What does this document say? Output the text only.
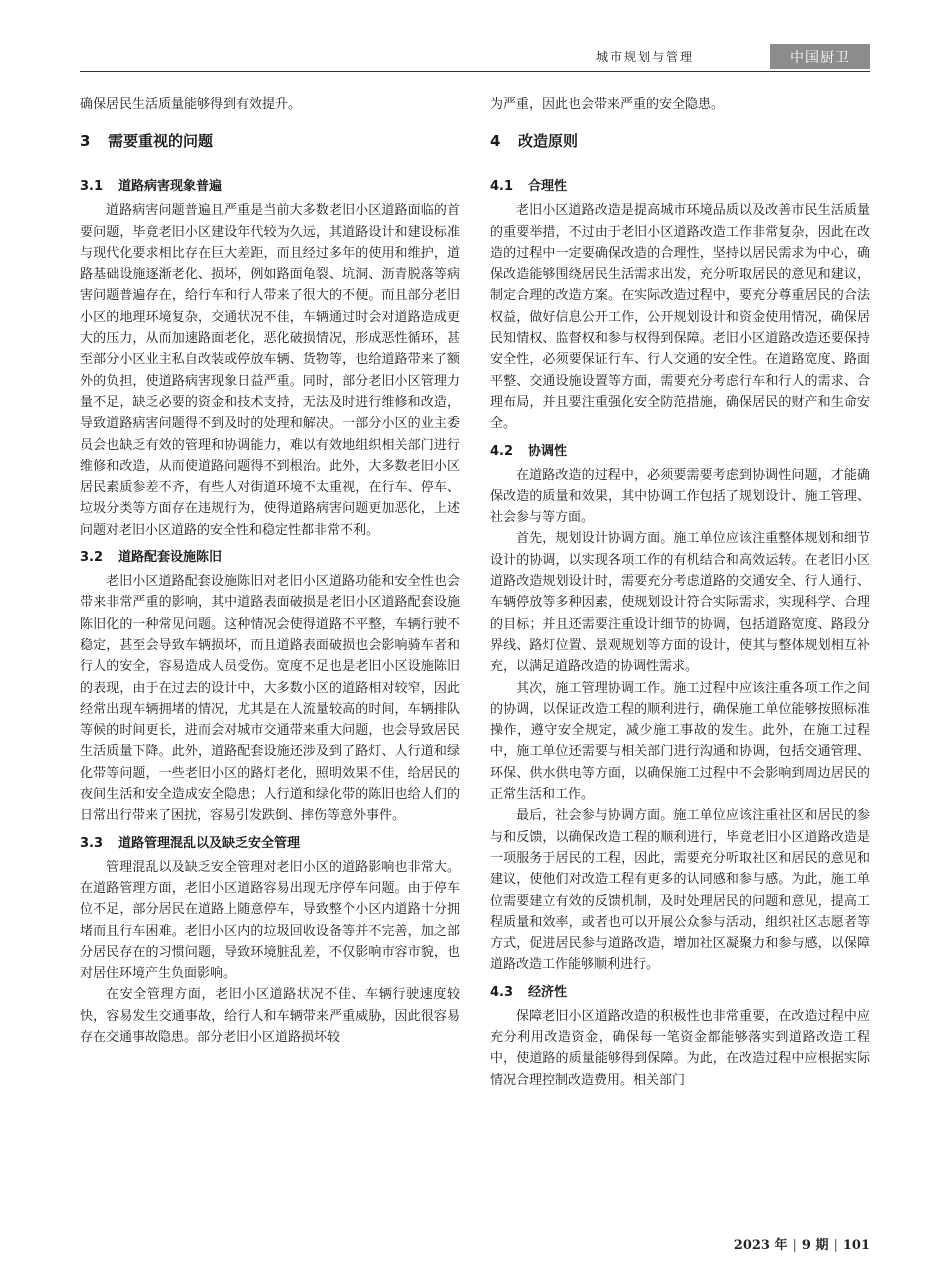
城市规划与管理	中国厨卫

确保居民生活质量能够得到有效提升。

3 需要重视的问题
3.1 道路病害现象普遍

道路病害问题普遍且严重是当前大多数老旧小区道路面临的首要问题，毕竟老旧小区建设年代较为久远，其道路设计和建设标准与现代化要求相比存在巨大差距，而且经过多年的使用和维护，道路基础设施逐渐老化、损坏，例如路面龟裂、坑洞、沥青脱落等病害问题普遍存在，给行车和行人带来了很大的不便。而且部分老旧小区的地理环境复杂，交通状况不佳，车辆通过时会对道路造成更大的压力，从而加速路面老化，恶化破损情况，形成恶性循环，甚至部分小区业主私自改装或停放车辆、货物等，也给道路带来了额外的负担，使道路病害现象日益严重。同时，部分老旧小区管理力量不足，缺乏必要的资金和技术支持，无法及时进行维修和改造，导致道路病害问题得不到及时的处理和解决。一部分小区的业主委员会也缺乏有效的管理和协调能力，难以有效地组织相关部门进行维修和改造，从而使道路问题得不到根治。此外，大多数老旧小区居民素质参差不齐，有些人对街道环境不太重视，在行车、停车、垃圾分类等方面存在违规行为，使得道路病害问题更加恶化，上述问题对老旧小区道路的安全性和稳定性都非常不利。

3.2 道路配套设施陈旧

老旧小区道路配套设施陈旧对老旧小区道路功能和安全性也会带来非常严重的影响，其中道路表面破损是老旧小区道路配套设施陈旧化的一种常见问题。这种情况会使得道路不平整，车辆行驶不稳定，甚至会导致车辆损坏，而且道路表面破损也会影响骑车者和行人的安全，容易造成人员受伤。宽度不足也是老旧小区设施陈旧的表现，由于在过去的设计中，大多数小区的道路相对较窄，因此经常出现车辆拥堵的情况，尤其是在人流量较高的时间，车辆排队等候的时间更长，进而会对城市交通带来重大问题，也会导致居民生活质量下降。此外，道路配套设施还涉及到了路灯、人行道和绿化带等问题，一些老旧小区的路灯老化，照明效果不佳，给居民的夜间生活和安全造成安全隐患；人行道和绿化带的陈旧也给人们的日常出行带来了困扰，容易引发跌倒、摔伤等意外事件。

3.3 道路管理混乱以及缺乏安全管理

管理混乱以及缺乏安全管理对老旧小区的道路影响也非常大。在道路管理方面，老旧小区道路容易出现无序停车问题。由于停车位不足，部分居民在道路上随意停车，导致整个小区内道路十分拥堵而且行车困难。老旧小区内的垃圾回收设备等并不完善，加之部分居民存在的习惯问题，导致环境脏乱差，不仅影响市容市貌，也对居住环境产生负面影响。

在安全管理方面，老旧小区道路状况不佳、车辆行驶速度较快，容易发生交通事故，给行人和车辆带来严重威胁，因此很容易存在交通事故隐患。部分老旧小区道路损坏较

为严重，因此也会带来严重的安全隐患。

4 改造原则
4.1 合理性

老旧小区道路改造是提高城市环境品质以及改善市民生活质量的重要举措，不过由于老旧小区道路改造工作非常复杂，因此在改造的过程中一定要确保改造的合理性，坚持以居民需求为中心，确保改造能够围绕居民生活需求出发，充分听取居民的意见和建议，制定合理的改造方案。在实际改造过程中，要充分尊重居民的合法权益，做好信息公开工作，公开规划设计和资金使用情况，确保居民知情权、监督权和参与权得到保障。老旧小区道路改造还要保持安全性，必须要保证行车、行人交通的安全性。在道路宽度、路面平整、交通设施设置等方面，需要充分考虑行车和行人的需求、合理布局，并且要注重强化安全防范措施，确保居民的财产和生命安全。

4.2 协调性

在道路改造的过程中，必须要需要考虑到协调性问题，才能确保改造的质量和效果，其中协调工作包括了规划设计、施工管理、社会参与等方面。

首先，规划设计协调方面。施工单位应该注重整体规划和细节设计的协调，以实现各项工作的有机结合和高效运转。在老旧小区道路改造规划设计时，需要充分考虑道路的交通安全、行人通行、车辆停放等多种因素，使规划设计符合实际需求，实现科学、合理的目标；并且还需要注重设计细节的协调，包括道路宽度、路段分界线、路灯位置、景观规划等方面的设计，使其与整体规划相互补充，以满足道路改造的协调性需求。

其次，施工管理协调工作。施工过程中应该注重各项工作之间的协调，以保证改造工程的顺利进行，确保施工单位能够按照标准操作，遵守安全规定，减少施工事故的发生。此外，在施工过程中，施工单位还需要与相关部门进行沟通和协调，包括交通管理、环保、供水供电等方面，以确保施工过程中不会影响到周边居民的正常生活和工作。

最后，社会参与协调方面。施工单位应该注重社区和居民的参与和反馈，以确保改造工程的顺利进行，毕竟老旧小区道路改造是一项服务于居民的工程，因此，需要充分听取社区和居民的意见和建议，使他们对改造工程有更多的认同感和参与感。为此，施工单位需要建立有效的反馈机制，及时处理居民的问题和意见，提高工程质量和效率，或者也可以开展公众参与活动，组织社区志愿者等方式，促进居民参与道路改造，增加社区凝聚力和参与感，以保障道路改造工作能够顺利进行。

4.3 经济性

保障老旧小区道路改造的积极性也非常重要，在改造过程中应充分利用改造资金，确保每一笔资金都能够落实到道路改造工程中，使道路的质量能够得到保障。为此，在改造过程中应根据实际情况合理控制改造费用。相关部门

2023 年 | 9 期 | 101
